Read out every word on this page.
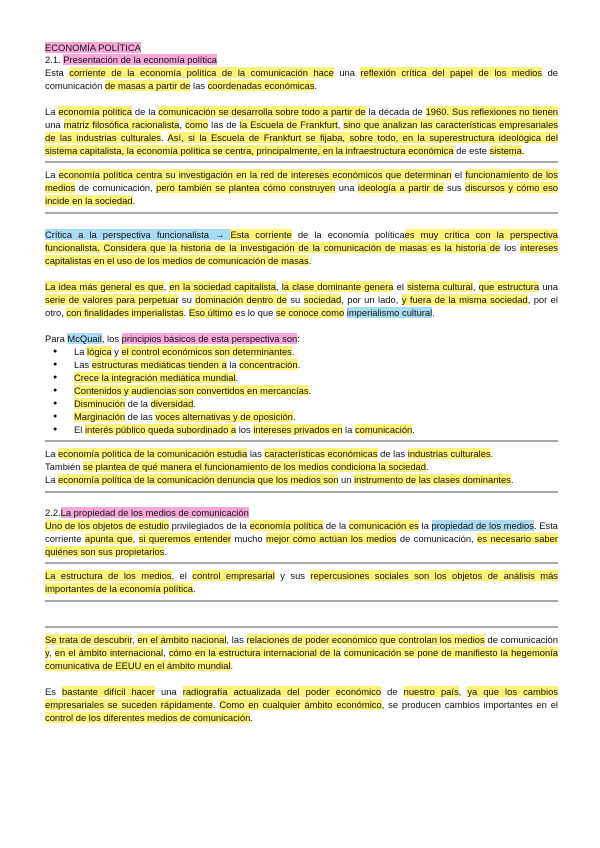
ECONOMÍA POLÍTICA
2.1. Presentación de la economía política

Esta corriente de la economía política de la comunicación hace una reflexión crítica del papel de los medios de comunicación de masas a partir de las coordenadas económicas.

La economía política de la comunicación se desarrolla sobre todo a partir de la década de 1960. Sus reflexiones no tienen una matriz filosófica racionalista, como las de la Escuela de Frankfurt, sino que analizan las características empresariales de las industrias culturales. Así, si la Escuela de Frankfurt se fijaba, sobre todo, en la superestructura ideológica del sistema capitalista, la economía política se centra, principalmente, en la infraestructura económica de este sistema.

La economía política centra su investigación en la red de intereses económicos que determinan el funcionamiento de los medios de comunicación, pero también se plantea cómo construyen una ideología a partir de sus discursos y cómo eso incide en la sociedad.

Crítica a la perspectiva funcionalista → Esta corriente de la economía políticaes muy crítica con la perspectiva funcionalista. Considera que la historia de la investigación de la comunicación de masas es la historia de los intereses capitalistas en el uso de los medios de comunicación de masas.

La idea más general es que, en la sociedad capitalista, la clase dominante genera el sistema cultural, que estructura una serie de valores para perpetuar su dominación dentro de su sociedad, por un lado, y fuera de la misma sociedad, por el otro, con finalidades imperialistas. Eso último es lo que se conoce como imperialismo cultural.

Para McQuail, los principios básicos de esta perspectiva son:

● La lógica y el control económicos son determinantes.
● Las estructuras mediáticas tienden a la concentración.
● Crece la integración mediática mundial.
● Contenidos y audiencias son convertidos en mercancías.
● Disminución de la diversidad.
● Marginación de las voces alternativas y de oposición.
● El interés público queda subordinado a los intereses privados en la comunicación.

La economía política de la comunicación estudia las características económicas de las industrias culturales.

También se plantea de qué manera el funcionamiento de los medios condiciona la sociedad.

La economía política de la comunicación denuncia que los medios son un instrumento de las clases dominantes.

2.2.La propiedad de los medios de comunicación

Uno de los objetos de estudio privilegiados de la economía política de la comunicación es la propiedad de los medios. Esta corriente apunta que, si queremos entender mucho mejor cómo actúan los medios de comunicación, es necesario saber quiénes son sus propietarios.

La estructura de los medios, el control empresarial y sus repercusiones sociales son los objetos de análisis más importantes de la economía política.

Se trata de descubrir, en el ámbito nacional, las relaciones de poder económico que controlan los medios de comunicación y, en el ámbito internacional, cómo en la estructura internacional de la comunicación se pone de manifiesto la hegemonía comunicativa de EEUU en el ámbito mundial.

Es bastante difícil hacer una radiografía actualizada del poder económico de nuestro país, ya que los cambios empresariales se suceden rápidamente. Como en cualquier ámbito económico, se producen cambios importantes en el control de los diferentes medios de comunicación.
